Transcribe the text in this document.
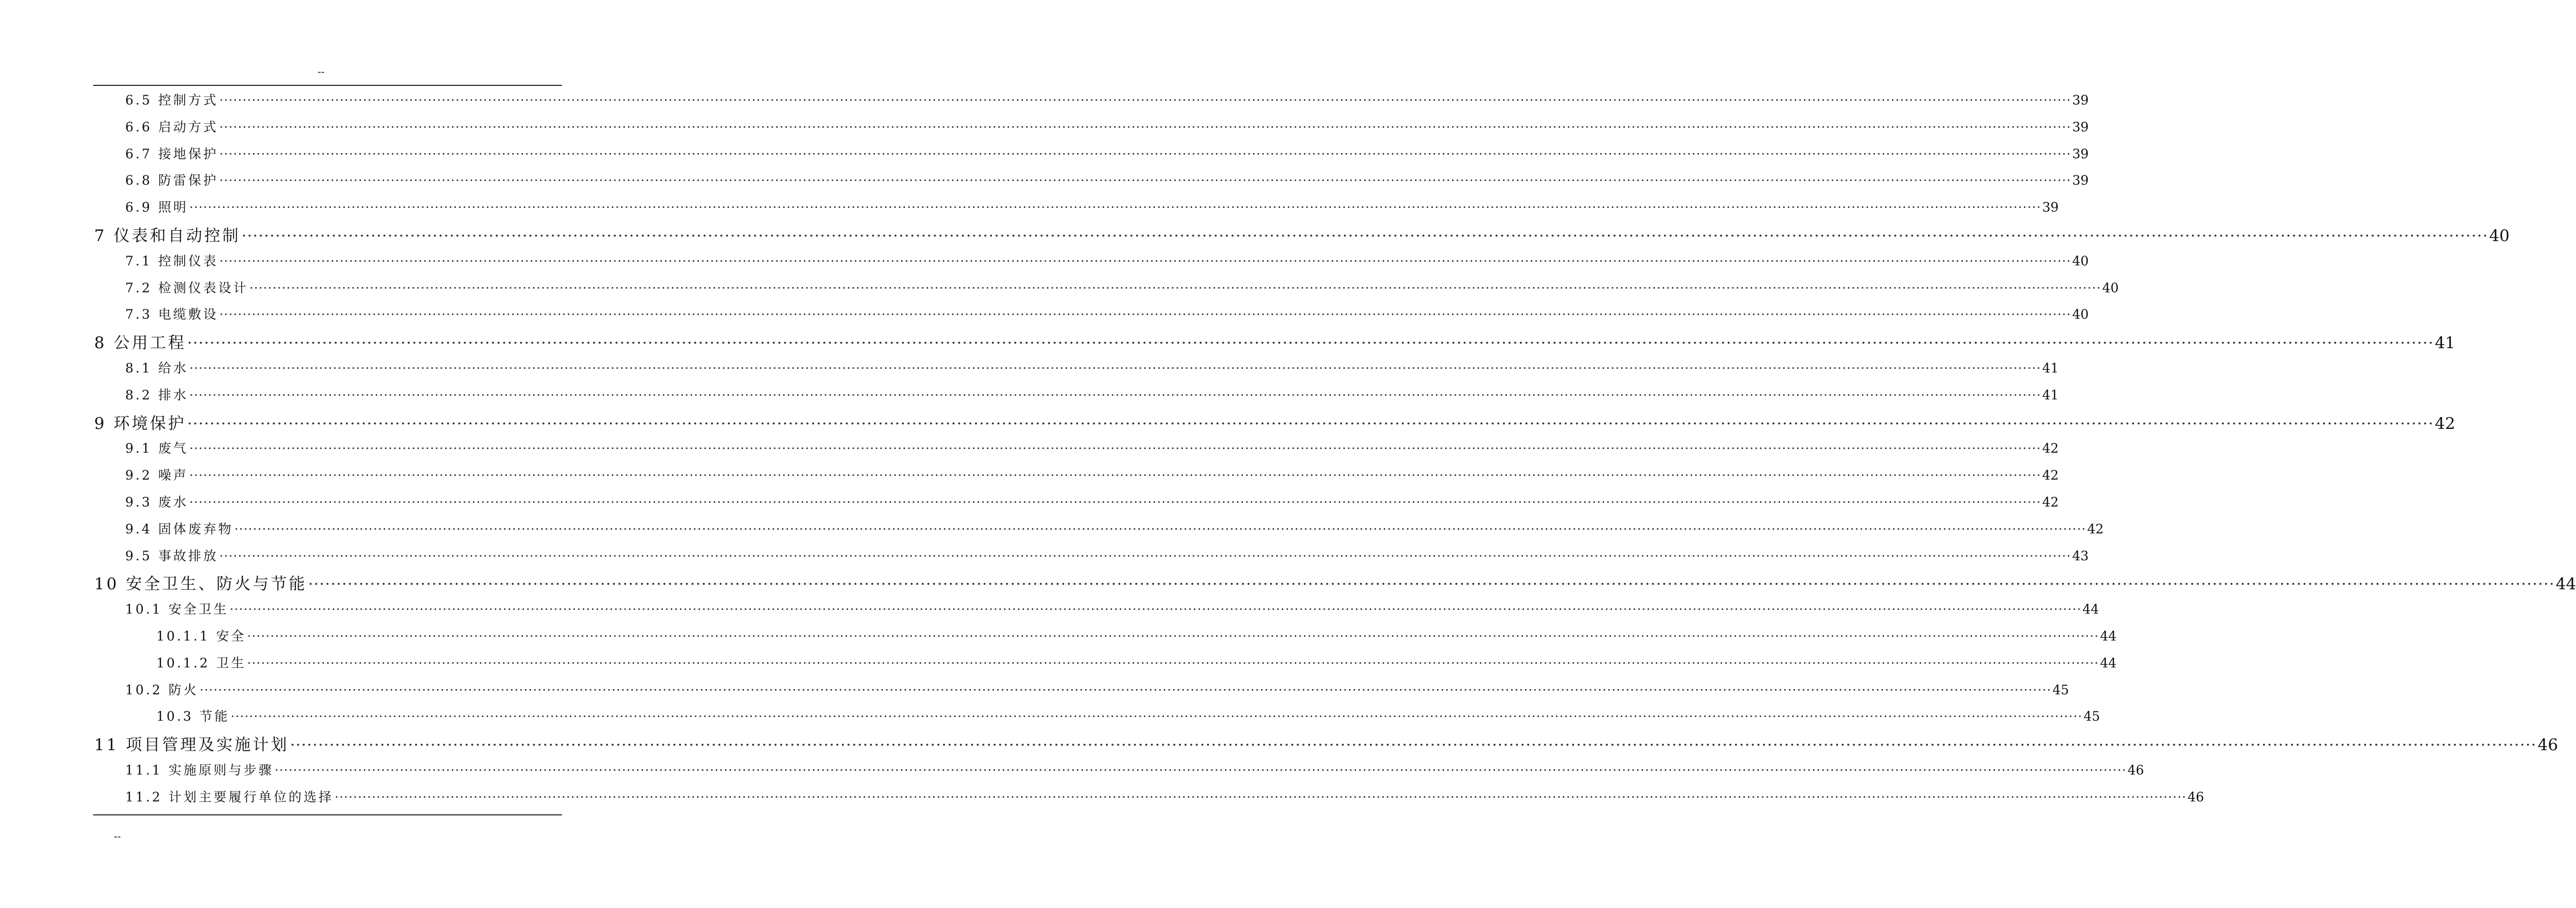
--
6.5 控制方式 ················································································································································································································································································································································································································ 39
6.6 启动方式 ················································································································································································································································································································································································································ 39
6.7 接地保护 ················································································································································································································································································································································································································ 39
6.8 防雷保护 ················································································································································································································································································································································································································ 39
6.9 照明 ················································································································································································································································································································································································································ 39
7 仪表和自动控制 ················································································································································································································································································································································································································ 40
7.1 控制仪表 ················································································································································································································································································································································································································ 40
7.2 检测仪表设计 ················································································································································································································································································································································································································ 40
7.3 电缆敷设 ················································································································································································································································································································································································································ 40
8 公用工程 ················································································································································································································································································································································································································ 41
8.1 给水 ················································································································································································································································································································································································································ 41
8.2 排水 ················································································································································································································································································································································································································ 41
9 环境保护 ················································································································································································································································································································································································································ 42
9.1 废气 ················································································································································································································································································································································································································ 42
9.2 噪声 ················································································································································································································································································································································································································ 42
9.3 废水 ················································································································································································································································································································································································································ 42
9.4 固体废弃物 ················································································································································································································································································································································································································ 42
9.5 事故排放 ················································································································································································································································································································································································································ 43
10 安全卫生、防火与节能 ················································································································································································································································································································································································································ 44
10.1 安全卫生 ················································································································································································································································································································································································································ 44
10.1.1 安全 ················································································································································································································································································································································································································ 44
10.1.2 卫生 ················································································································································································································································································································································································································ 44
10.2 防火 ················································································································································································································································································································································································································ 45
10.3 节能 ················································································································································································································································································································································································································ 45
11 项目管理及实施计划 ················································································································································································································································································································································································································ 46
11.1 实施原则与步骤 ················································································································································································································································································································································································································ 46
11.2 计划主要履行单位的选择 ················································································································································································································································································································································································································ 46
--
